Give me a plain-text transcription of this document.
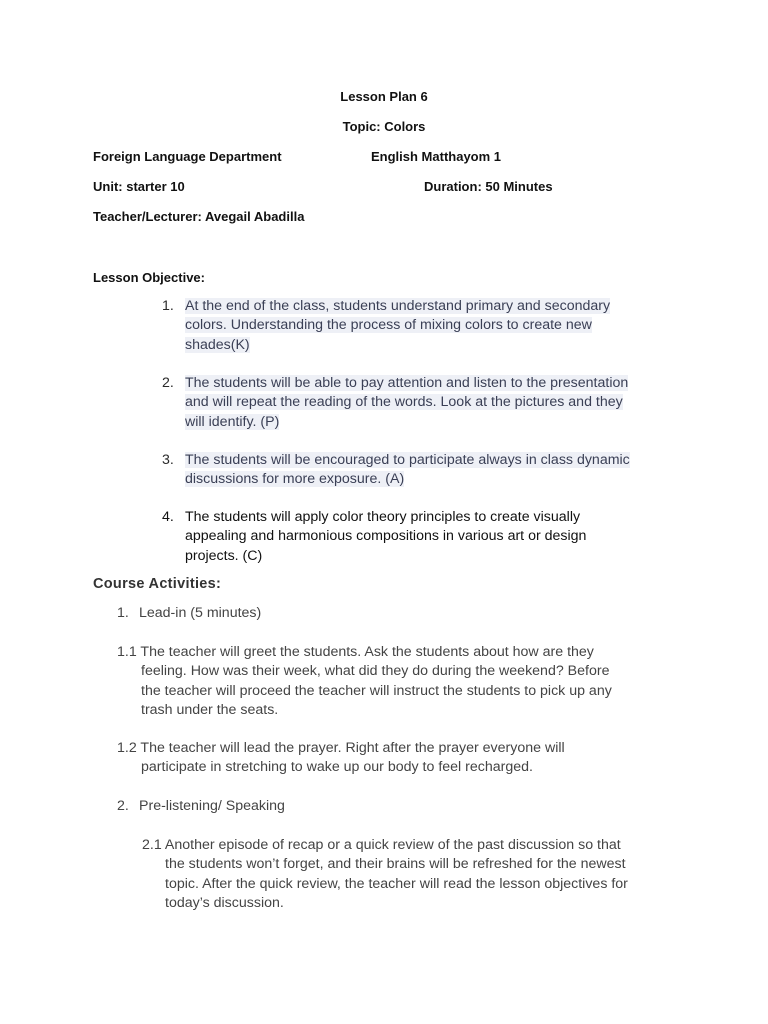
Lesson Plan 6
Topic: Colors
Foreign Language Department	English Matthayom 1
Unit: starter 10	Duration: 50 Minutes
Teacher/Lecturer: Avegail Abadilla
Lesson Objective:
1. At the end of the class, students understand primary and secondary
colors. Understanding the process of mixing colors to create new
shades(K)
2. The students will be able to pay attention and listen to the presentation
and will repeat the reading of the words. Look at the pictures and they
will identify. (P)
3. The students will be encouraged to participate always in class dynamic
discussions for more exposure. (A)
4. The students will apply color theory principles to create visually
appealing and harmonious compositions in various art or design
projects. (C)
Course Activities:
1. Lead-in (5 minutes)
1.1 The teacher will greet the students. Ask the students about how are they
feeling. How was their week, what did they do during the weekend? Before
the teacher will proceed the teacher will instruct the students to pick up any
trash under the seats.
1.2 The teacher will lead the prayer. Right after the prayer everyone will
participate in stretching to wake up our body to feel recharged.
2. Pre-listening/ Speaking
2.1 Another episode of recap or a quick review of the past discussion so that
the students won’t forget, and their brains will be refreshed for the newest
topic. After the quick review, the teacher will read the lesson objectives for
today’s discussion.
